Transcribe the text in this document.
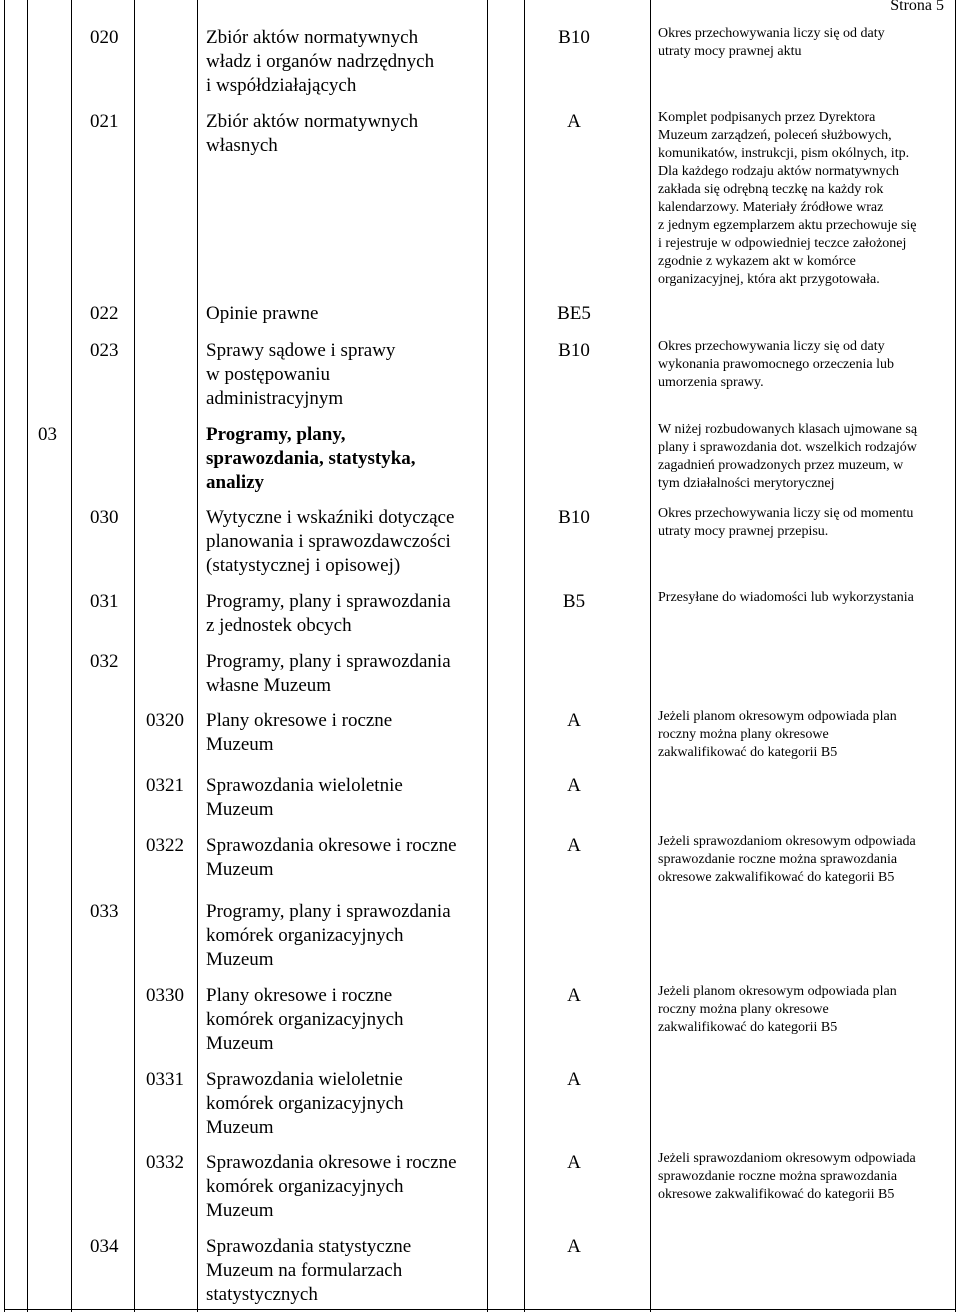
Strona 5
020	Zbiór aktów normatywnych
władz i organów nadrzędnych
i współdziałających
B10	Okres przechowywania liczy się od daty
utraty mocy prawnej aktu
021	Zbiór aktów normatywnych
własnych
A	Komplet podpisanych przez Dyrektora
Muzeum zarządzeń, poleceń służbowych,
komunikatów, instrukcji, pism okólnych, itp.
Dla każdego rodzaju aktów normatywnych
zakłada się odrębną teczkę na każdy rok
kalendarzowy. Materiały źródłowe wraz
z jednym egzemplarzem aktu przechowuje się
i rejestruje w odpowiedniej teczce założonej
zgodnie z wykazem akt w komórce
organizacyjnej, która akt przygotowała.
022	Opinie prawne	BE5
023	Sprawy sądowe i sprawy
w postępowaniu
administracyjnym
B10	Okres przechowywania liczy się od daty
wykonania prawomocnego orzeczenia lub
umorzenia sprawy.
03	Programy, plany,
sprawozdania, statystyka,
analizy
W niżej rozbudowanych klasach ujmowane są
plany i sprawozdania dot. wszelkich rodzajów
zagadnień prowadzonych przez muzeum, w
tym działalności merytorycznej
030	Wytyczne i wskaźniki dotyczące
planowania i sprawozdawczości
(statystycznej i opisowej)
B10	Okres przechowywania liczy się od momentu
utraty mocy prawnej przepisu.
031	Programy, plany i sprawozdania
z jednostek obcych
B5	Przesyłane do wiadomości lub wykorzystania
032	Programy, plany i sprawozdania
własne Muzeum
0320 Plany okresowe i roczne
Muzeum
A	Jeżeli planom okresowym odpowiada plan
roczny można plany okresowe
zakwalifikować do kategorii B5
0321 Sprawozdania wieloletnie
Muzeum
A
0322 Sprawozdania okresowe i roczne
Muzeum
A	Jeżeli sprawozdaniom okresowym odpowiada
sprawozdanie roczne można sprawozdania
okresowe zakwalifikować do kategorii B5
033	Programy, plany i sprawozdania
komórek organizacyjnych
Muzeum
0330 Plany okresowe i roczne
komórek organizacyjnych
Muzeum
A	Jeżeli planom okresowym odpowiada plan
roczny można plany okresowe
zakwalifikować do kategorii B5
0331 Sprawozdania wieloletnie
komórek organizacyjnych
Muzeum
A
0332 Sprawozdania okresowe i roczne
komórek organizacyjnych
Muzeum
A	Jeżeli sprawozdaniom okresowym odpowiada
sprawozdanie roczne można sprawozdania
okresowe zakwalifikować do kategorii B5
034	Sprawozdania statystyczne
Muzeum na formularzach
statystycznych
A
